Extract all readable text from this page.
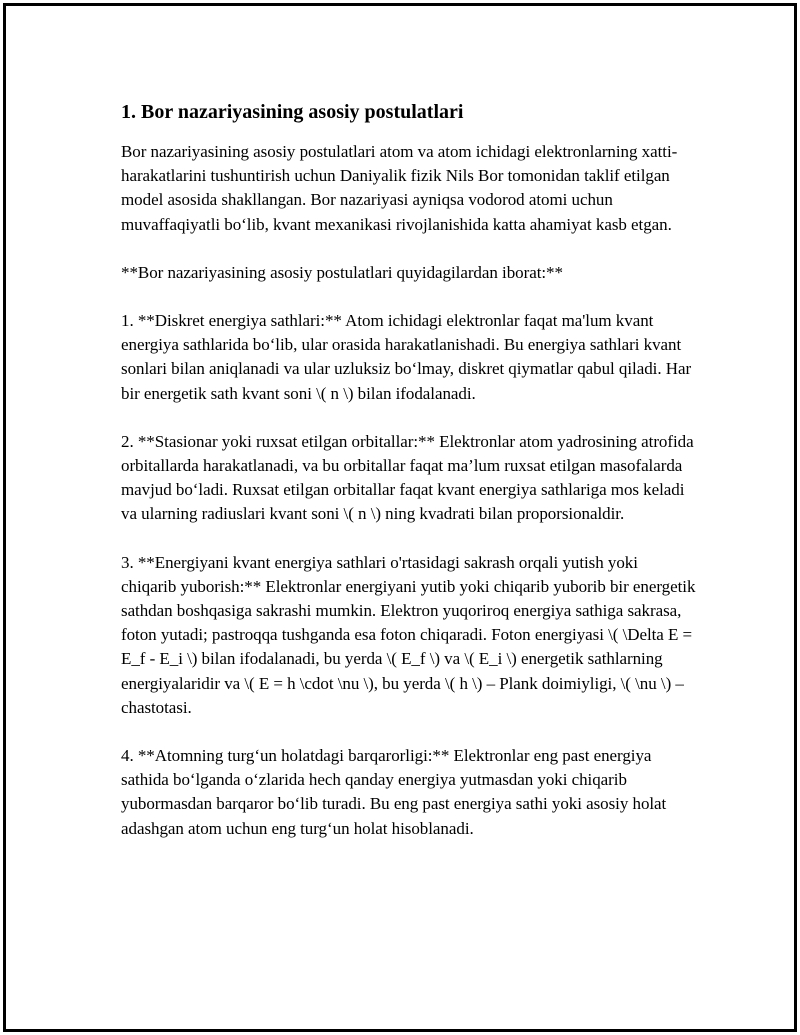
1. Bor nazariyasining asosiy postulatlari

Bor nazariyasining asosiy postulatlari atom va atom ichidagi elektronlarning xatti-harakatlarini tushuntirish uchun Daniyalik fizik Nils Bor tomonidan taklif etilgan model asosida shakllangan. Bor nazariyasi ayniqsa vodorod atomi uchun muvaffaqiyatli bo‘lib, kvant mexanikasi rivojlanishida katta ahamiyat kasb etgan.

**Bor nazariyasining asosiy postulatlari quyidagilardan iborat:**

1. **Diskret energiya sathlari:** Atom ichidagi elektronlar faqat ma'lum kvant energiya sathlarida bo‘lib, ular orasida harakatlanishadi. Bu energiya sathlari kvant sonlari bilan aniqlanadi va ular uzluksiz bo‘lmay, diskret qiymatlar qabul qiladi. Har bir energetik sath kvant soni \( n \) bilan ifodalanadi.

2. **Stasionar yoki ruxsat etilgan orbitallar:** Elektronlar atom yadrosining atrofida orbitallarda harakatlanadi, va bu orbitallar faqat ma’lum ruxsat etilgan masofalarda mavjud bo‘ladi. Ruxsat etilgan orbitallar faqat kvant energiya sathlariga mos keladi va ularning radiuslari kvant soni \( n \) ning kvadrati bilan proporsionaldir.

3. **Energiyani kvant energiya sathlari o'rtasidagi sakrash orqali yutish yoki chiqarib yuborish:** Elektronlar energiyani yutib yoki chiqarib yuborib bir energetik sathdan boshqasiga sakrashi mumkin. Elektron yuqoriroq energiya sathiga sakrasa, foton yutadi; pastroqqa tushganda esa foton chiqaradi. Foton energiyasi \( \Delta E = E_f - E_i \) bilan ifodalanadi, bu yerda \( E_f \) va \( E_i \) energetik sathlarning energiyalaridir va \( E = h \cdot \nu \), bu yerda \( h \) – Plank doimiyligi, \( \nu \) – chastotasi.

4. **Atomning turg‘un holatdagi barqarorligi:** Elektronlar eng past energiya sathida bo‘lganda o‘zlarida hech qanday energiya yutmasdan yoki chiqarib yubormasdan barqaror bo‘lib turadi. Bu eng past energiya sathi yoki asosiy holat adashgan atom uchun eng turg‘un holat hisoblanadi.
